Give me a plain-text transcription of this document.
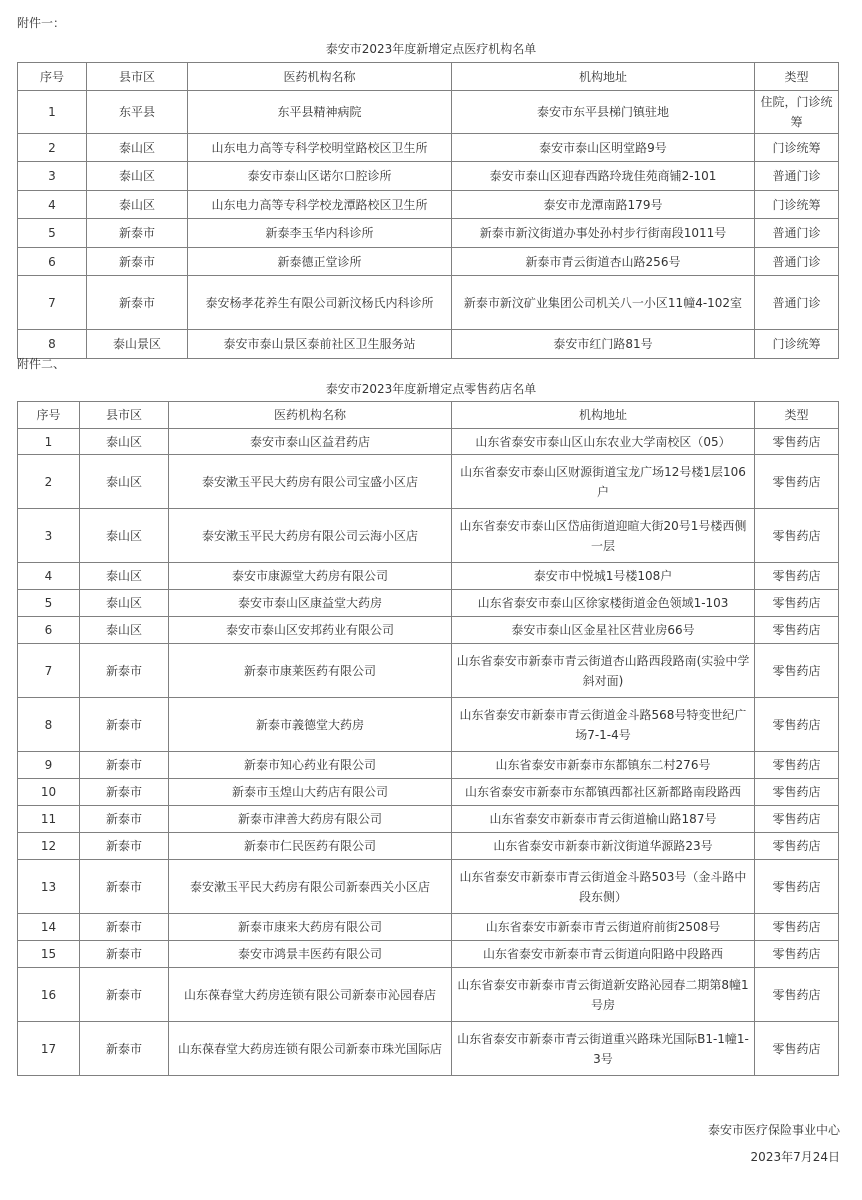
附件一：
泰安市2023年度新增定点医疗机构名单
序号	县市区	医药机构名称	机构地址	类型
1	东平县	东平县精神病院	泰安市东平县梯门镇驻地	住院，门诊统筹
2	泰山区	山东电力高等专科学校明堂路校区卫生所	泰安市泰山区明堂路9号	门诊统筹
3	泰山区	泰安市泰山区诺尔口腔诊所	泰安市泰山区迎春西路玲珑佳苑商铺2-101	普通门诊
4	泰山区	山东电力高等专科学校龙潭路校区卫生所	泰安市龙潭南路179号	门诊统筹
5	新泰市	新泰李玉华内科诊所	新泰市新汶街道办事处孙村步行街南段1011号	普通门诊
6	新泰市	新泰德正堂诊所	新泰市青云街道杏山路256号	普通门诊
7	新泰市	泰安杨孝花养生有限公司新汶杨氏内科诊所	新泰市新汶矿业集团公司机关八一小区11幢4-102室	普通门诊
8	泰山景区	泰安市泰山景区泰前社区卫生服务站	泰安市红门路81号	门诊统筹
附件二、
泰安市2023年度新增定点零售药店名单
序号	县市区	医药机构名称	机构地址	类型
1	泰山区	泰安市泰山区益君药店	山东省泰安市泰山区山东农业大学南校区（05）	零售药店
2	泰山区	泰安漱玉平民大药房有限公司宝盛小区店	山东省泰安市泰山区财源街道宝龙广场12号楼1层106户	零售药店
3	泰山区	泰安漱玉平民大药房有限公司云海小区店	山东省泰安市泰山区岱庙街道迎暄大街20号1号楼西侧一层	零售药店
4	泰山区	泰安市康源堂大药房有限公司	泰安市中悦城1号楼108户	零售药店
5	泰山区	泰安市泰山区康益堂大药房	山东省泰安市泰山区徐家楼街道金色领域1-103	零售药店
6	泰山区	泰安市泰山区安邦药业有限公司	泰安市泰山区金星社区营业房66号	零售药店
7	新泰市	新泰市康莱医药有限公司	山东省泰安市新泰市青云街道杏山路西段路南(实验中学斜对面)	零售药店
8	新泰市	新泰市義德堂大药房	山东省泰安市新泰市青云街道金斗路568号特变世纪广场7-1-4号	零售药店
9	新泰市	新泰市知心药业有限公司	山东省泰安市新泰市东都镇东二村276号	零售药店
10	新泰市	新泰市玉煌山大药店有限公司	山东省泰安市新泰市东都镇西都社区新都路南段路西	零售药店
11	新泰市	新泰市津善大药房有限公司	山东省泰安市新泰市青云街道榆山路187号	零售药店
12	新泰市	新泰市仁民医药有限公司	山东省泰安市新泰市新汶街道华源路23号	零售药店
13	新泰市	泰安漱玉平民大药房有限公司新泰西关小区店	山东省泰安市新泰市青云街道金斗路503号（金斗路中段东侧）	零售药店
14	新泰市	新泰市康来大药房有限公司	山东省泰安市新泰市青云街道府前街2508号	零售药店
15	新泰市	泰安市鸿景丰医药有限公司	山东省泰安市新泰市青云街道向阳路中段路西	零售药店
16	新泰市	山东葆春堂大药房连锁有限公司新泰市沁园春店	山东省泰安市新泰市青云街道新安路沁园春二期第8幢1号房	零售药店
17	新泰市	山东葆春堂大药房连锁有限公司新泰市珠光国际店	山东省泰安市新泰市青云街道重兴路珠光国际B1-1幢1-3号	零售药店
泰安市医疗保险事业中心
2023年7月24日
